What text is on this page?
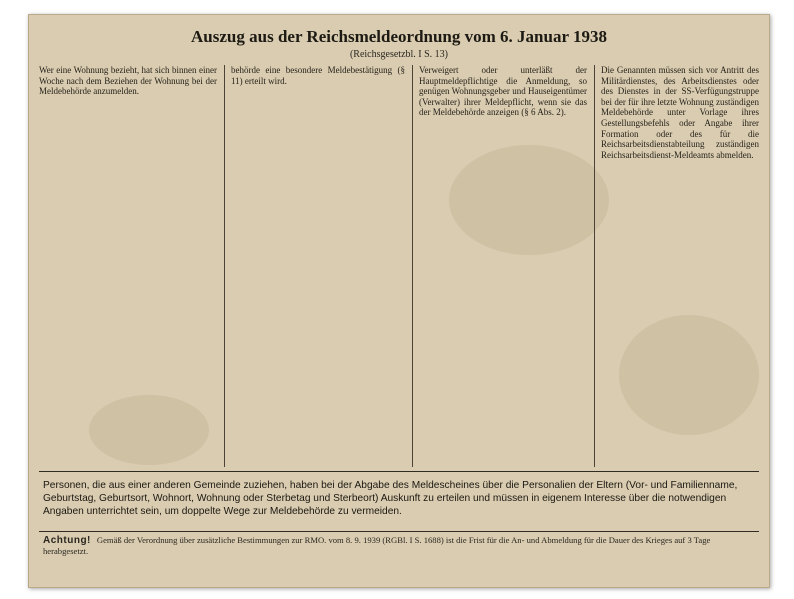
Auszug aus der Reichsmeldeordnung vom 6. Januar 1938
(Reichsgesetzbl. I S. 13)
Wer eine Wohnung bezieht, hat sich binnen einer Woche nach dem Beziehen der Wohnung bei der Meldebehörde anzumelden.
behörde eine besondere Meldebestätigung (§ 11) erteilt wird.
Verweigert oder unterläßt der Hauptmeldepflichtige die Anmeldung, so genügen Wohnungsgeber und Hauseigentümer (Verwalter) ihrer Meldepflicht, wenn sie das der Meldebehörde anzeigen (§ 6 Abs. 2).
Die Genannten müssen sich vor Antritt des Militärdienstes, des Arbeitsdienstes oder des Dienstes in der SS-Verfügungstruppe bei der für ihre letzte Wohnung zuständigen Meldebehörde unter Vorlage ihres Gestellungsbefehls oder Angabe ihrer Formation oder des für die Reichsarbeitsdienstabteilung zuständigen Reichsarbeitsdienst-Meldeamts abmelden.
Personen, die aus einer anderen Gemeinde zuziehen, haben bei der Abgabe des Meldescheines über die Personalien der Eltern (Vor- und Familienname, Geburtstag, Geburtsort, Wohnort, Wohnung oder Sterbetag und Sterbeort) Auskunft zu erteilen und müssen in eigenem Interesse über die notwendigen Angaben unterrichtet sein, um doppelte Wege zur Meldebehörde zu vermeiden.
Achtung! Gemäß der Verordnung über zusätzliche Bestimmungen zur RMO. vom 8. 9. 1939 (RGBl. I S. 1688) ist die Frist für die An- und Abmeldung für die Dauer des Krieges auf 3 Tage herabgesetzt.
